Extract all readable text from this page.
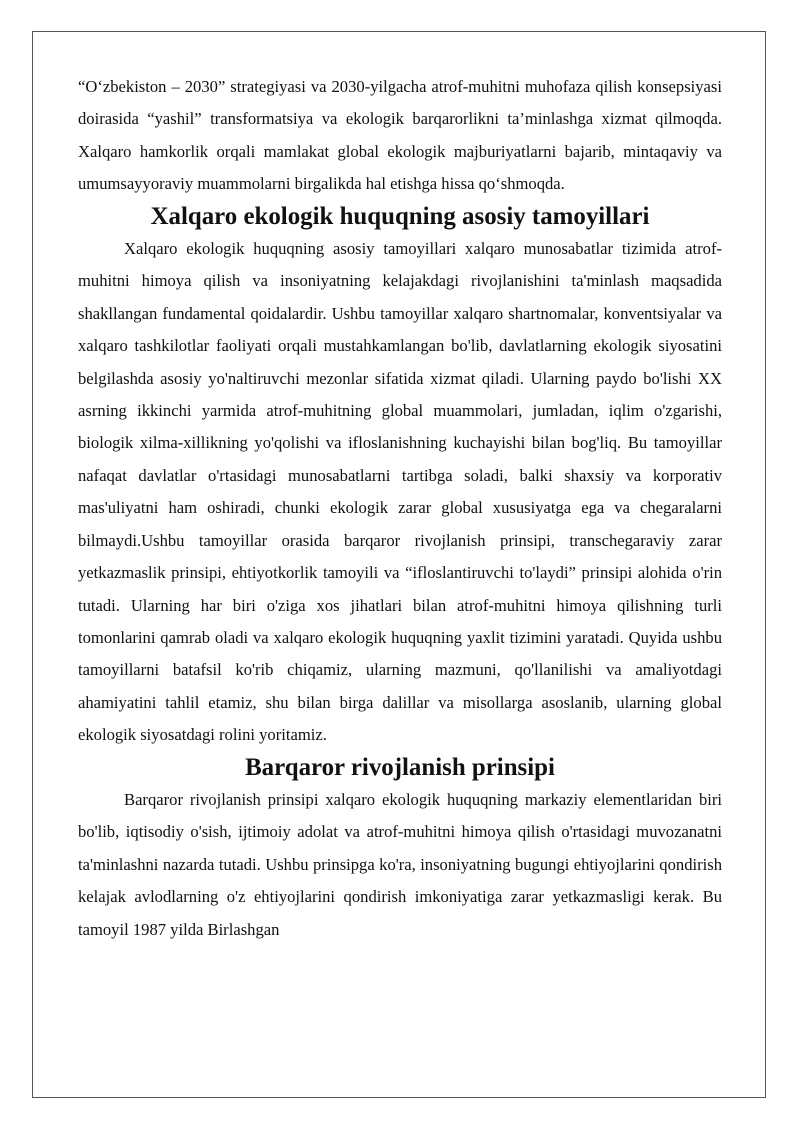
“O‘zbekiston – 2030” strategiyasi va 2030-yilgacha atrof-muhitni muhofaza qilish konsepsiyasi doirasida “yashil” transformatsiya va ekologik barqarorlikni ta’minlashga xizmat qilmoqda. Xalqaro hamkorlik orqali mamlakat global ekologik majburiyatlarni bajarib, mintaqaviy va umumsayyoraviy muammolarni birgalikda hal etishga hissa qo‘shmoqda.

Xalqaro ekologik huquqning asosiy tamoyillari

Xalqaro ekologik huquqning asosiy tamoyillari xalqaro munosabatlar tizimida atrof-muhitni himoya qilish va insoniyatning kelajakdagi rivojlanishini ta'minlash maqsadida shakllangan fundamental qoidalardir. Ushbu tamoyillar xalqaro shartnomalar, konventsiyalar va xalqaro tashkilotlar faoliyati orqali mustahkamlangan bo'lib, davlatlarning ekologik siyosatini belgilashda asosiy yo'naltiruvchi mezonlar sifatida xizmat qiladi. Ularning paydo bo'lishi XX asrning ikkinchi yarmida atrof-muhitning global muammolari, jumladan, iqlim o'zgarishi, biologik xilma-xillikning yo'qolishi va ifloslanishning kuchayishi bilan bog'liq. Bu tamoyillar nafaqat davlatlar o'rtasidagi munosabatlarni tartibga soladi, balki shaxsiy va korporativ mas'uliyatni ham oshiradi, chunki ekologik zarar global xususiyatga ega va chegaralarni bilmaydi.Ushbu tamoyillar orasida barqaror rivojlanish prinsipi, transchegaraviy zarar yetkazmaslik prinsipi, ehtiyotkorlik tamoyili va “ifloslantiruvchi to'laydi” prinsipi alohida o'rin tutadi. Ularning har biri o'ziga xos jihatlari bilan atrof-muhitni himoya qilishning turli tomonlarini qamrab oladi va xalqaro ekologik huquqning yaxlit tizimini yaratadi. Quyida ushbu tamoyillarni batafsil ko'rib chiqamiz, ularning mazmuni, qo'llanilishi va amaliyotdagi ahamiyatini tahlil etamiz, shu bilan birga dalillar va misollarga asoslanib, ularning global ekologik siyosatdagi rolini yoritamiz.

Barqaror rivojlanish prinsipi

Barqaror rivojlanish prinsipi xalqaro ekologik huquqning markaziy elementlaridan biri bo'lib, iqtisodiy o'sish, ijtimoiy adolat va atrof-muhitni himoya qilish o'rtasidagi muvozanatni ta'minlashni nazarda tutadi. Ushbu prinsipga ko'ra, insoniyatning bugungi ehtiyojlarini qondirish kelajak avlodlarning o'z ehtiyojlarini qondirish imkoniyatiga zarar yetkazmasligi kerak. Bu tamoyil 1987 yilda Birlashgan
